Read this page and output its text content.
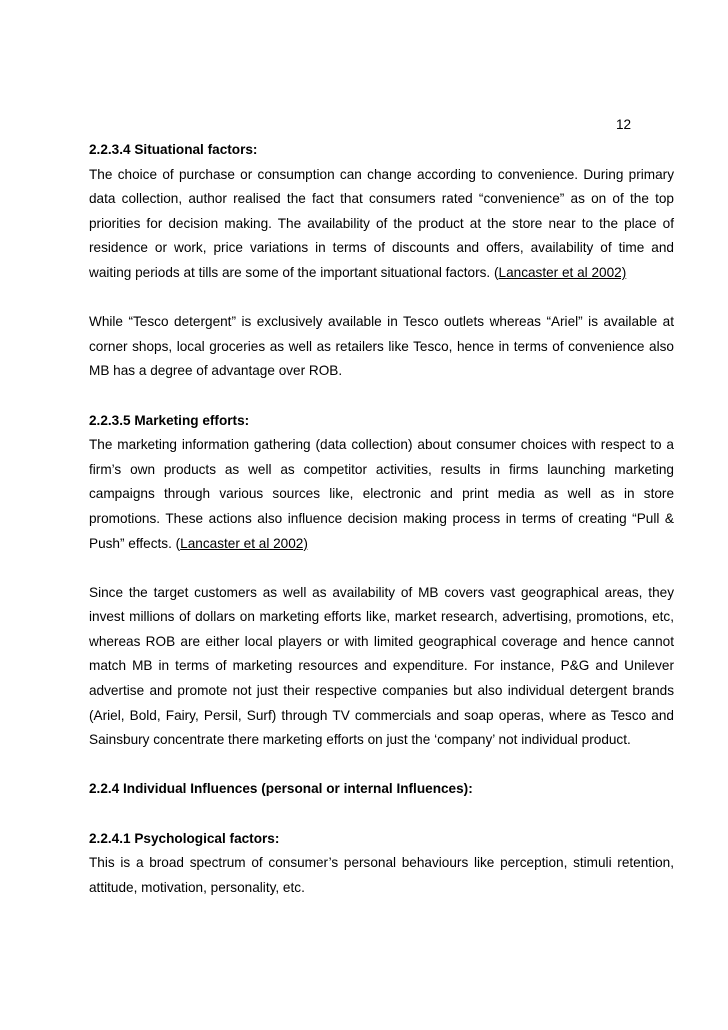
12

2.2.3.4 Situational factors:

The choice of purchase or consumption can change according to convenience. During primary data collection, author realised the fact that consumers rated “convenience” as on of the top priorities for decision making. The availability of the product at the store near to the place of residence or work, price variations in terms of discounts and offers, availability of time and waiting periods at tills are some of the important situational factors. (Lancaster et al 2002)

While “Tesco detergent” is exclusively available in Tesco outlets whereas “Ariel” is available at corner shops, local groceries as well as retailers like Tesco, hence in terms of convenience also MB has a degree of advantage over ROB.

2.2.3.5 Marketing efforts:

The marketing information gathering (data collection) about consumer choices with respect to a firm’s own products as well as competitor activities, results in firms launching marketing campaigns through various sources like, electronic and print media as well as in store promotions. These actions also influence decision making process in terms of creating “Pull & Push” effects. (Lancaster et al 2002)

Since the target customers as well as availability of MB covers vast geographical areas, they invest millions of dollars on marketing efforts like, market research, advertising, promotions, etc, whereas ROB are either local players or with limited geographical coverage and hence cannot match MB in terms of marketing resources and expenditure. For instance, P&G and Unilever advertise and promote not just their respective companies but also individual detergent brands (Ariel, Bold, Fairy, Persil, Surf) through TV commercials and soap operas, where as Tesco and Sainsbury concentrate there marketing efforts on just the ‘company’ not individual product.

2.2.4 Individual Influences (personal or internal Influences):

2.2.4.1 Psychological factors:

This is a broad spectrum of consumer’s personal behaviours like perception, stimuli retention, attitude, motivation, personality, etc.
